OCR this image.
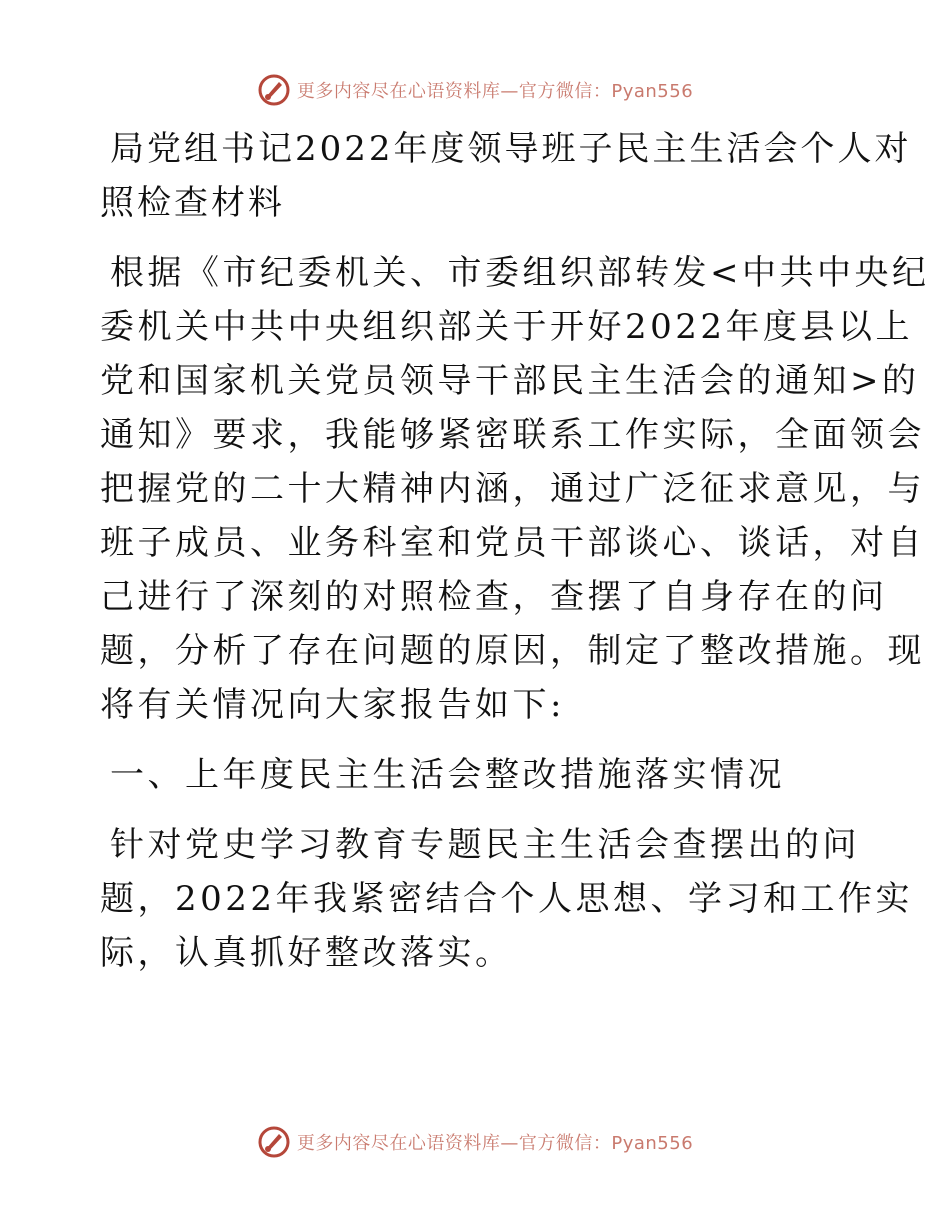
更多内容尽在心语资料库—官方微信：Pyan556
局党组书记2022年度领导班子民主生活会个人对
照检查材料
根据《市纪委机关、市委组织部转发<中共中央纪
委机关中共中央组织部关于开好2022年度县以上
党和国家机关党员领导干部民主生活会的通知>的
通知》要求，我能够紧密联系工作实际，全面领会
把握党的二十大精神内涵，通过广泛征求意见，与
班子成员、业务科室和党员干部谈心、谈话，对自
己进行了深刻的对照检查，查摆了自身存在的问
题，分析了存在问题的原因，制定了整改措施。现
将有关情况向大家报告如下:
一、上年度民主生活会整改措施落实情况
针对党史学习教育专题民主生活会查摆出的问
题，2022年我紧密结合个人思想、学习和工作实
际，认真抓好整改落实。
更多内容尽在心语资料库—官方微信：Pyan556
